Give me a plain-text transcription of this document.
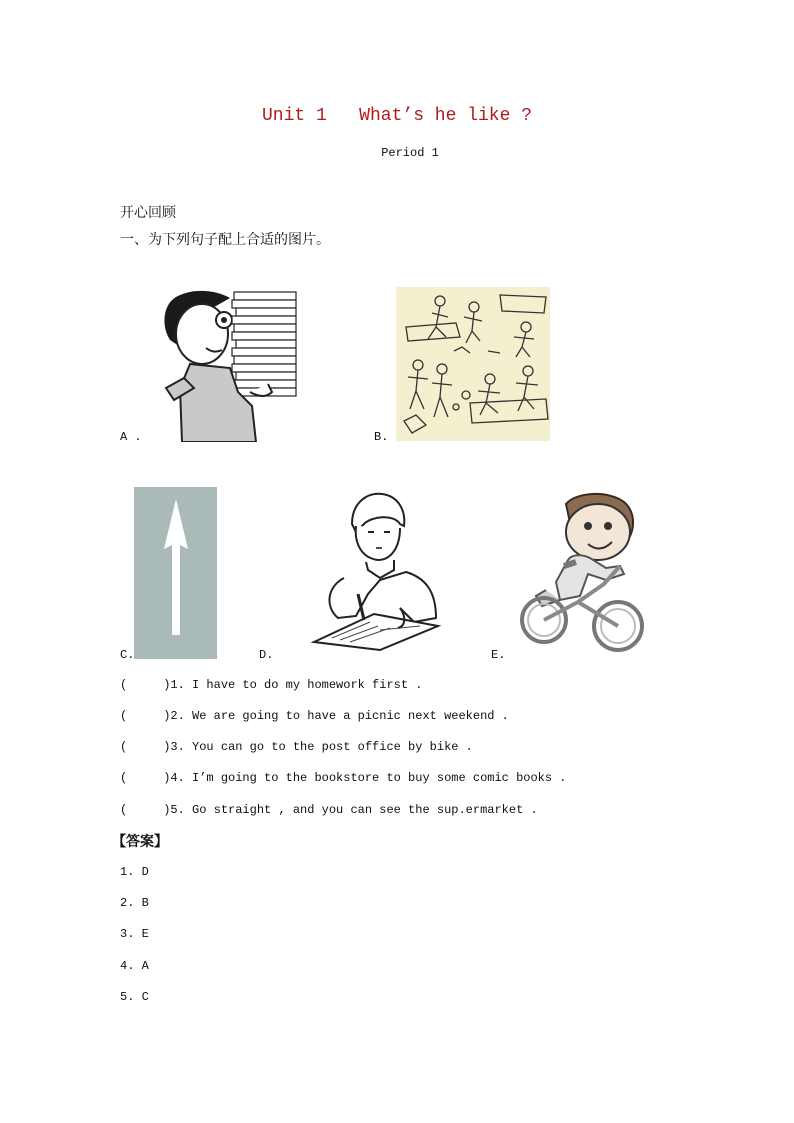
Unit 1   What’s he like ?
Period 1
开心回顾
一、为下列句子配上合适的图片。
A .	B.
C.	D.	E.
(     )1. I have to do my homework first .
(     )2. We are going to have a picnic next weekend .
(     )3. You can go to the post office by bike .
(     )4. I’m going to the bookstore to buy some comic books .
(     )5. Go straight , and you can see the sup.ermarket .
【答案】
1. D
2. B
3. E
4. A
5. C
